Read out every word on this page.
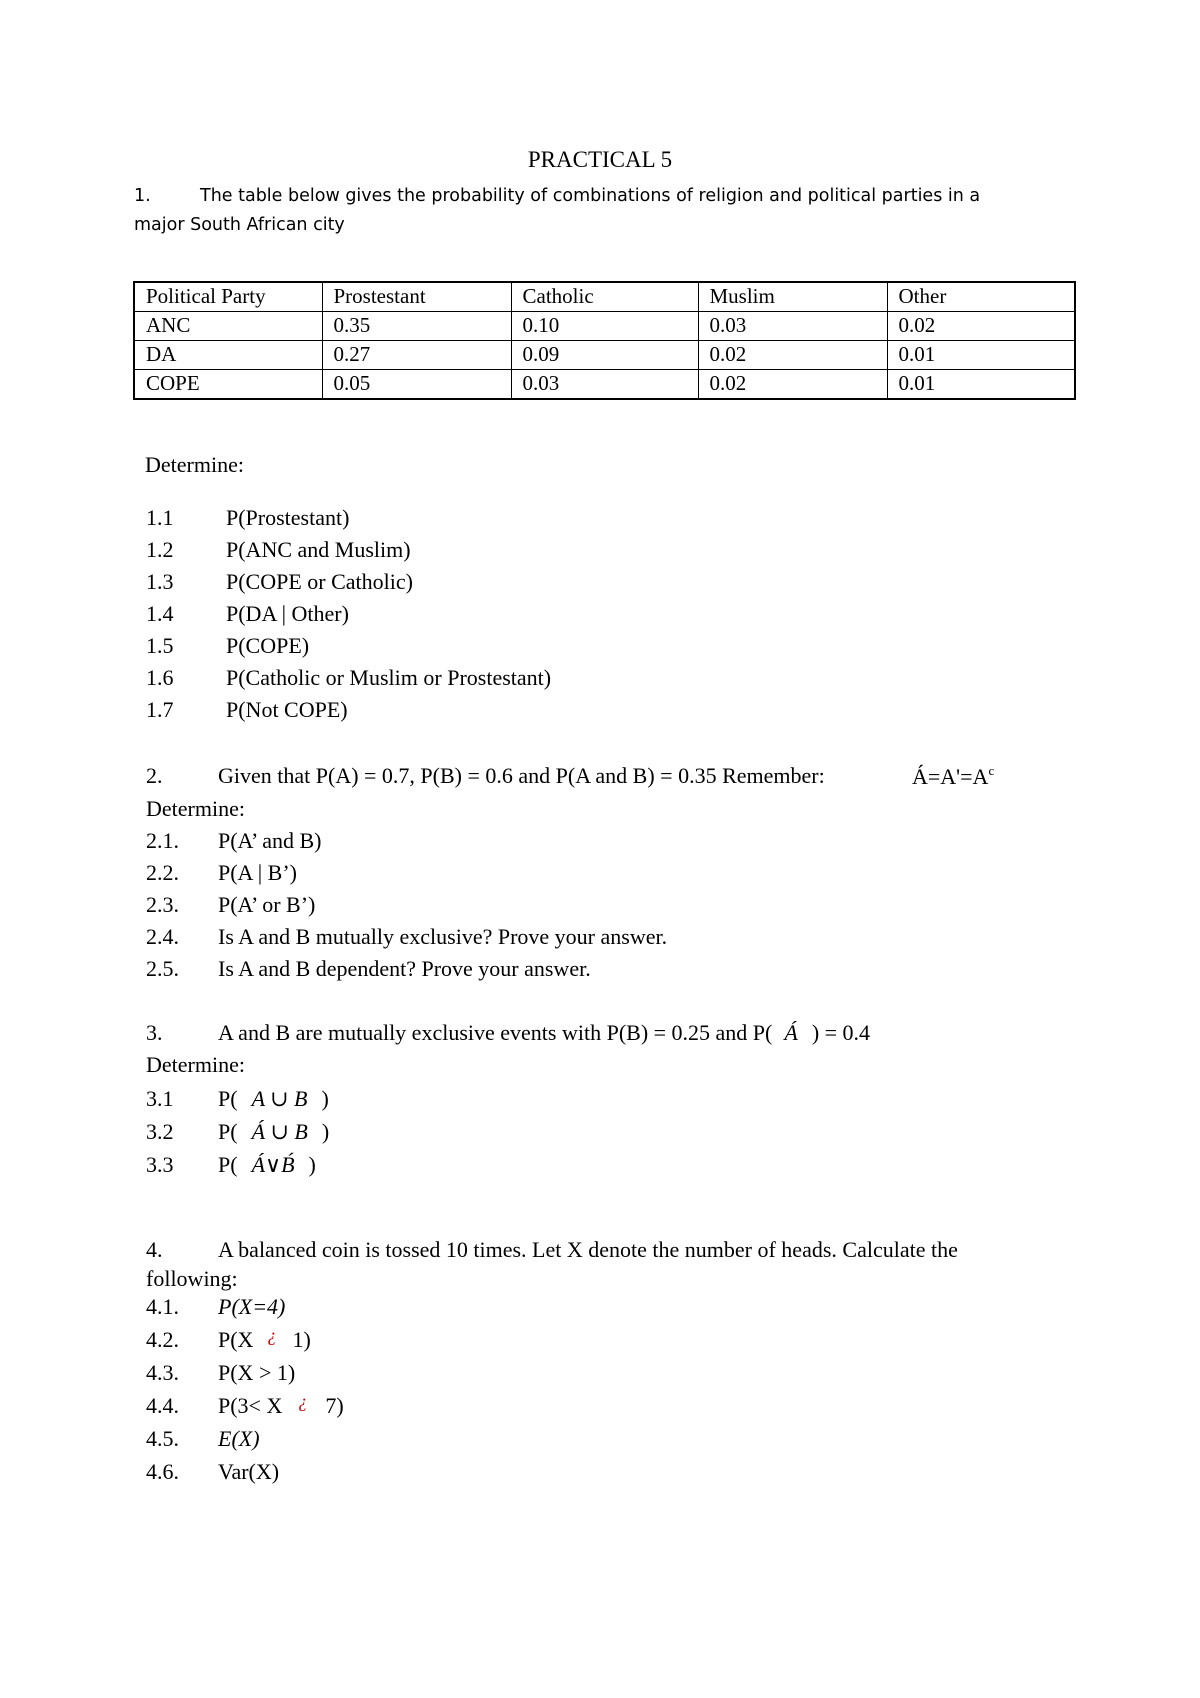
PRACTICAL 5
1.	The table below gives the probability of combinations of religion and political parties in a
major South African city
Political Party	Prostestant	Catholic	Muslim	Other
ANC	0.35	0.10	0.03	0.02
DA	0.27	0.09	0.02	0.01
COPE	0.05	0.03	0.02	0.01
Determine:
1.1 P(Prostestant)
1.2 P(ANC and Muslim)
1.3 P(COPE or Catholic)
1.4 P(DA | Other)
1.5 P(COPE)
1.6 P(Catholic or Muslim or Prostestant)
1.7 P(Not COPE)
2.	Given that P(A) = 0.7, P(B) = 0.6 and P(A and B) = 0.35 Remember:	$Á=A'=A^c$
Determine:
2.1. P(A’ and B)
2.2. P(A | B’)
2.3. P(A’ or B’)
2.4. Is A and B mutually exclusive? Prove your answer.
2.5. Is A and B dependent? Prove your answer.
3.	A and B are mutually exclusive events with P(B) = 0.25 and P( Á ) = 0.4
Determine:
3.1 P( A ∪ B )
3.2 P( Á ∪ B )
3.3 P( Á∨B́ )
4.	A balanced coin is tossed 10 times. Let X denote the number of heads. Calculate the
following:
4.1. P(X=4)
4.2. P(X ¿ 1)
4.3. P(X > 1)
4.4. P(3< X ¿ 7)
4.5. E(X)
4.6. Var(X)
